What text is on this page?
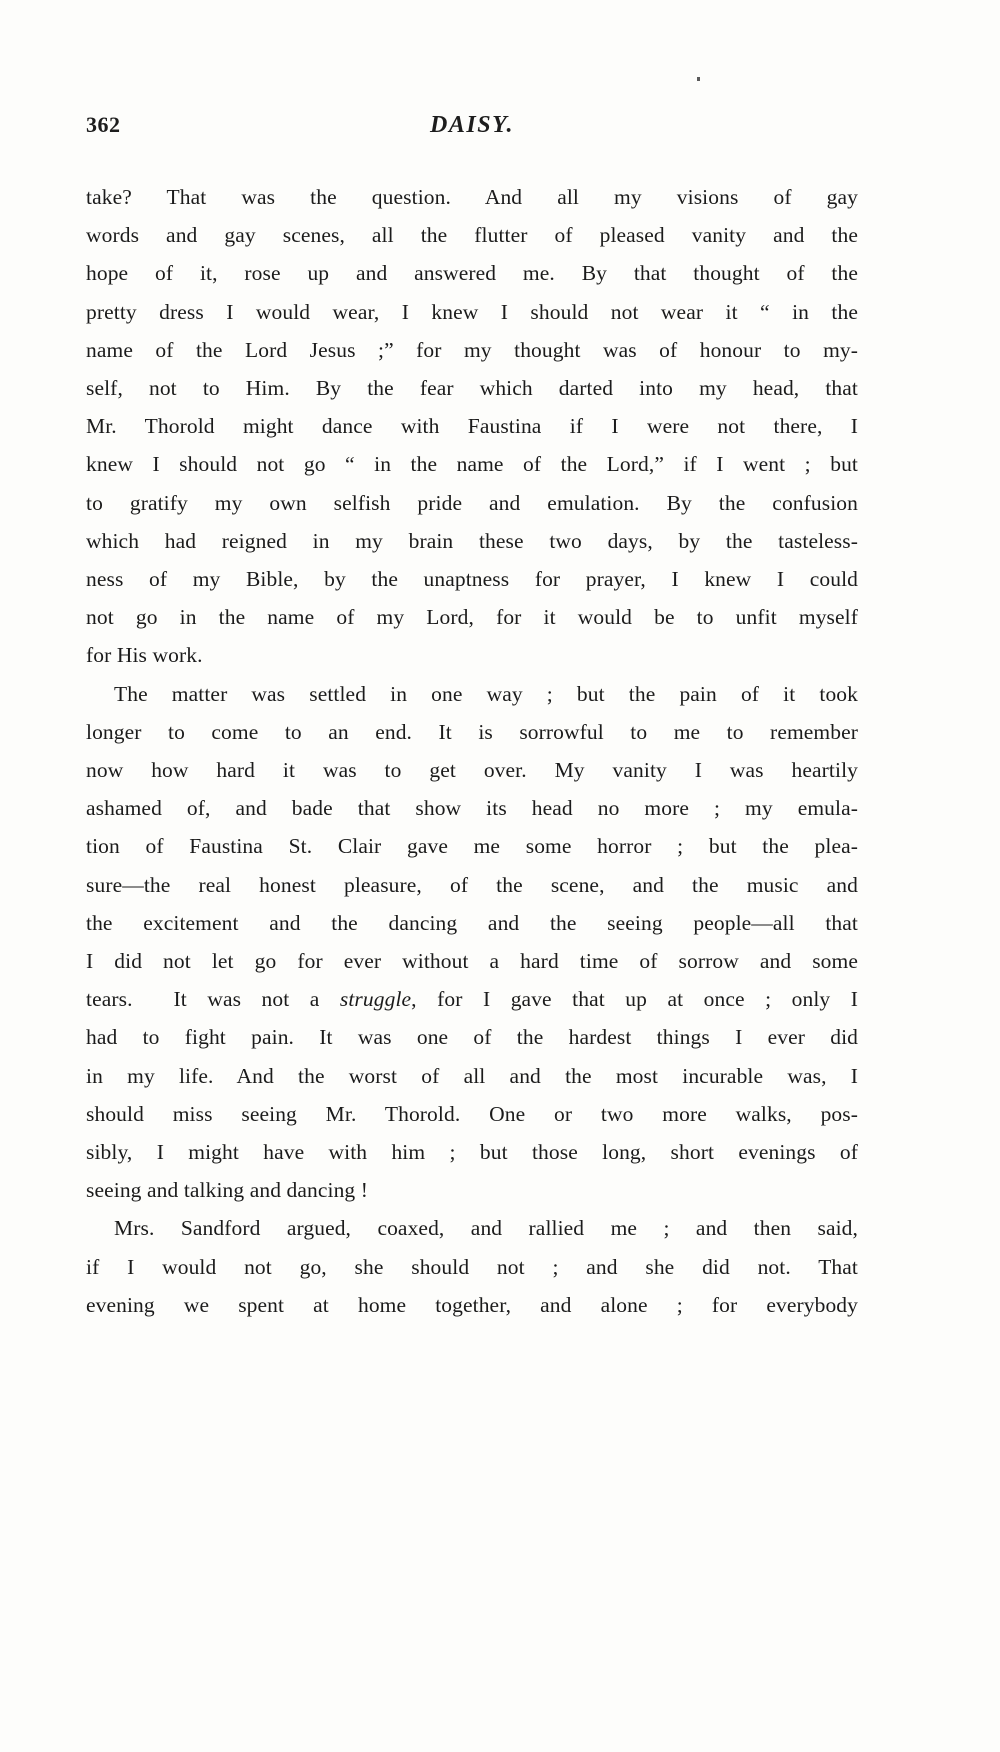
362	DAISY.

take? That was the question. And all my visions of gay
words and gay scenes, all the flutter of pleased vanity and the
hope of it, rose up and answered me. By that thought of the
pretty dress I would wear, I knew I should not wear it “ in the
name of the Lord Jesus ;” for my thought was of honour to my-
self, not to Him. By the fear which darted into my head, that
Mr. Thorold might dance with Faustina if I were not there, I
knew I should not go “ in the name of the Lord,” if I went ; but
to gratify my own selfish pride and emulation. By the confusion
which had reigned in my brain these two days, by the tasteless-
ness of my Bible, by the unaptness for prayer, I knew I could
not go in the name of my Lord, for it would be to unfit myself
for His work.

The matter was settled in one way ; but the pain of it took
longer to come to an end. It is sorrowful to me to remember
now how hard it was to get over. My vanity I was heartily
ashamed of, and bade that show its head no more ; my emula-
tion of Faustina St. Clair gave me some horror ; but the plea-
sure—the real honest pleasure, of the scene, and the music and
the excitement and the dancing and the seeing people—all that
I did not let go for ever without a hard time of sorrow and some
tears.  It was not a struggle, for I gave that up at once ; only I
had to fight pain. It was one of the hardest things I ever did
in my life. And the worst of all and the most incurable was, I
should miss seeing Mr. Thorold. One or two more walks, pos-
sibly, I might have with him ; but those long, short evenings of
seeing and talking and dancing !

Mrs. Sandford argued, coaxed, and rallied me ; and then said,
if I would not go, she should not ; and she did not. That
evening we spent at home together, and alone ; for everybody
